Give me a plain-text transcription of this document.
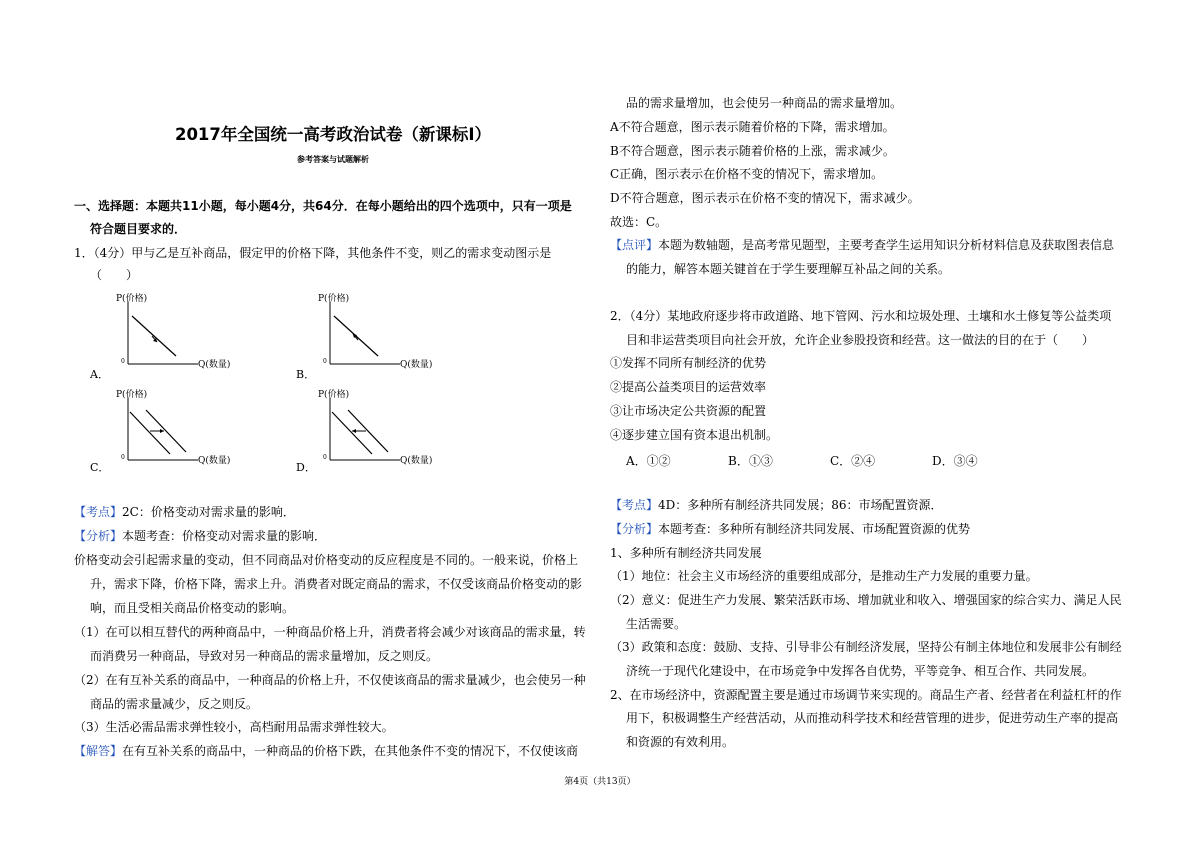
2017年全国统一高考政治试卷（新课标Ⅰ）
参考答案与试题解析
一、选择题：本题共11小题，每小题4分，共64分．在每小题给出的四个选项中，只有一项是
符合题目要求的．
1．（4分）甲与乙是互补商品，假定甲的价格下降，其他条件不变，则乙的需求变动图示是
（　　）
P(价格)
Q(数量)
0
A．
P(价格)
Q(数量)
0
B．
P(价格)
Q(数量)
0
C．
P(价格)
Q(数量)
0
D．
【考点】2C：价格变动对需求量的影响．
【分析】本题考查：价格变动对需求量的影响．
价格变动会引起需求量的变动，但不同商品对价格变动的反应程度是不同的。一般来说，价格上
升，需求下降，价格下降，需求上升。消费者对既定商品的需求，不仅受该商品价格变动的影
响，而且受相关商品价格变动的影响。
（1）在可以相互替代的两种商品中，一种商品价格上升，消费者将会减少对该商品的需求量，转
而消费另一种商品，导致对另一种商品的需求量增加，反之则反。
（2）在有互补关系的商品中，一种商品的价格上升，不仅使该商品的需求量减少，也会使另一种
商品的需求量减少，反之则反。
（3）生活必需品需求弹性较小，高档耐用品需求弹性较大。
【解答】在有互补关系的商品中，一种商品的价格下跌，在其他条件不变的情况下，不仅使该商
品的需求量增加，也会使另一种商品的需求量增加。
A不符合题意，图示表示随着价格的下降，需求增加。
B不符合题意，图示表示随着价格的上涨，需求减少。
C正确，图示表示在价格不变的情况下，需求增加。
D不符合题意，图示表示在价格不变的情况下，需求减少。
故选：C。
【点评】本题为数轴题，是高考常见题型，主要考查学生运用知识分析材料信息及获取图表信息
的能力，解答本题关键首在于学生要理解互补品之间的关系。
2．（4分）某地政府逐步将市政道路、地下管网、污水和垃圾处理、土壤和水土修复等公益类项
目和非运营类项目向社会开放，允许企业参股投资和经营。这一做法的目的在于（　　）
①发挥不同所有制经济的优势
②提高公益类项目的运营效率
③让市场决定公共资源的配置
④逐步建立国有资本退出机制。
A．①②	B．①③	C．②④	D．③④
【考点】4D：多种所有制经济共同发展；86：市场配置资源．
【分析】本题考查：多种所有制经济共同发展、市场配置资源的优势
1、多种所有制经济共同发展
（1）地位：社会主义市场经济的重要组成部分，是推动生产力发展的重要力量。
（2）意义：促进生产力发展、繁荣活跃市场、增加就业和收入、增强国家的综合实力、满足人民
生活需要。
（3）政策和态度：鼓励、支持、引导非公有制经济发展，坚持公有制主体地位和发展非公有制经
济统一于现代化建设中，在市场竞争中发挥各自优势，平等竞争、相互合作、共同发展。
2、在市场经济中，资源配置主要是通过市场调节来实现的。商品生产者、经营者在利益杠杆的作
用下，积极调整生产经营活动，从而推动科学技术和经营管理的进步，促进劳动生产率的提高
和资源的有效利用。
第4页（共13页）
